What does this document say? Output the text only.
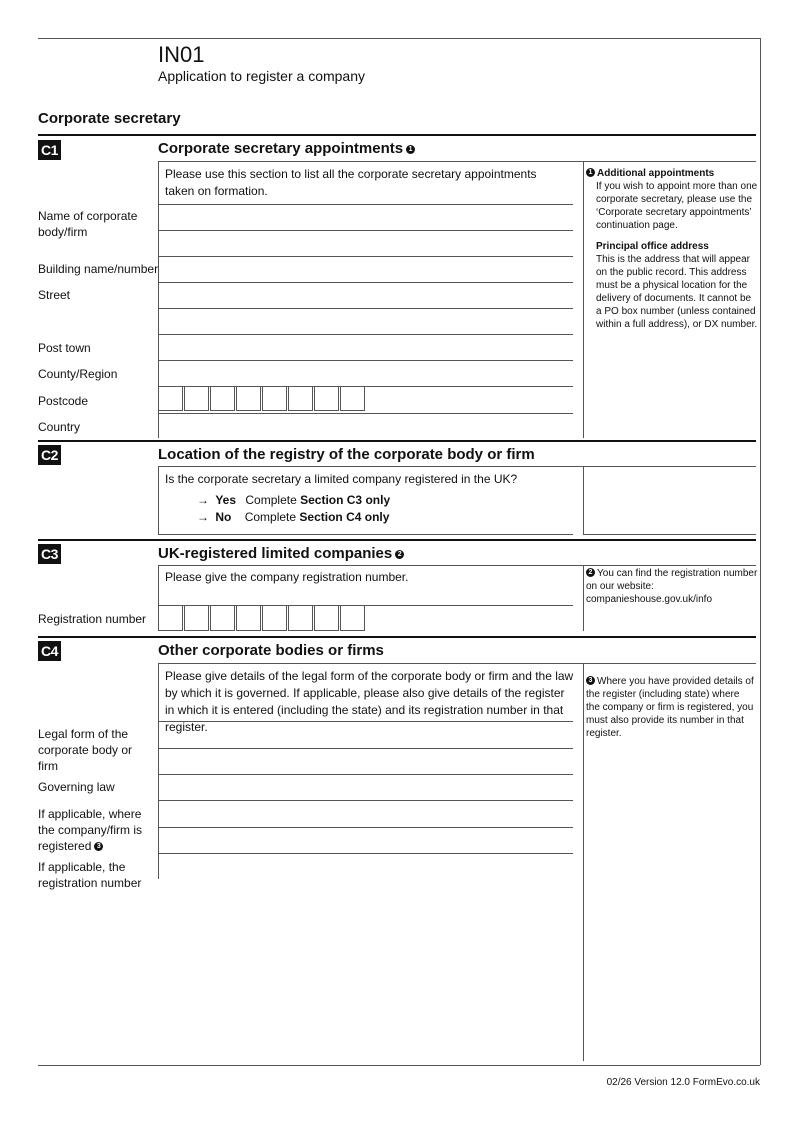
IN01
Application to register a company
Corporate secretary
C1	Corporate secretary appointments 1
Please use this section to list all the corporate secretary appointments taken on formation.
Name of corporate body/firm
Building name/number
Street
Post town
County/Region
Postcode
Country
1 Additional appointments
If you wish to appoint more than one corporate secretary, please use the ‘Corporate secretary appointments’ continuation page.
Principal office address
This is the address that will appear on the public record. This address must be a physical location for the delivery of documents. It cannot be a PO box number (unless contained within a full address), or DX number.
C2	Location of the registry of the corporate body or firm
Is the corporate secretary a limited company registered in the UK?
→ Yes Complete Section C3 only
→ No Complete Section C4 only
C3	UK-registered limited companies 2
Please give the company registration number.
Registration number
2 You can find the registration number on our website: companieshouse.gov.uk/info
C4	Other corporate bodies or firms
Please give details of the legal form of the corporate body or firm and the law by which it is governed. If applicable, please also give details of the register in which it is entered (including the state) and its registration number in that register.
Legal form of the corporate body or firm
Governing law
If applicable, where the company/firm is registered 3
If applicable, the registration number
3 Where you have provided details of the register (including state) where the company or firm is registered, you must also provide its number in that register.
02/26 Version 12.0 FormEvo.co.uk
